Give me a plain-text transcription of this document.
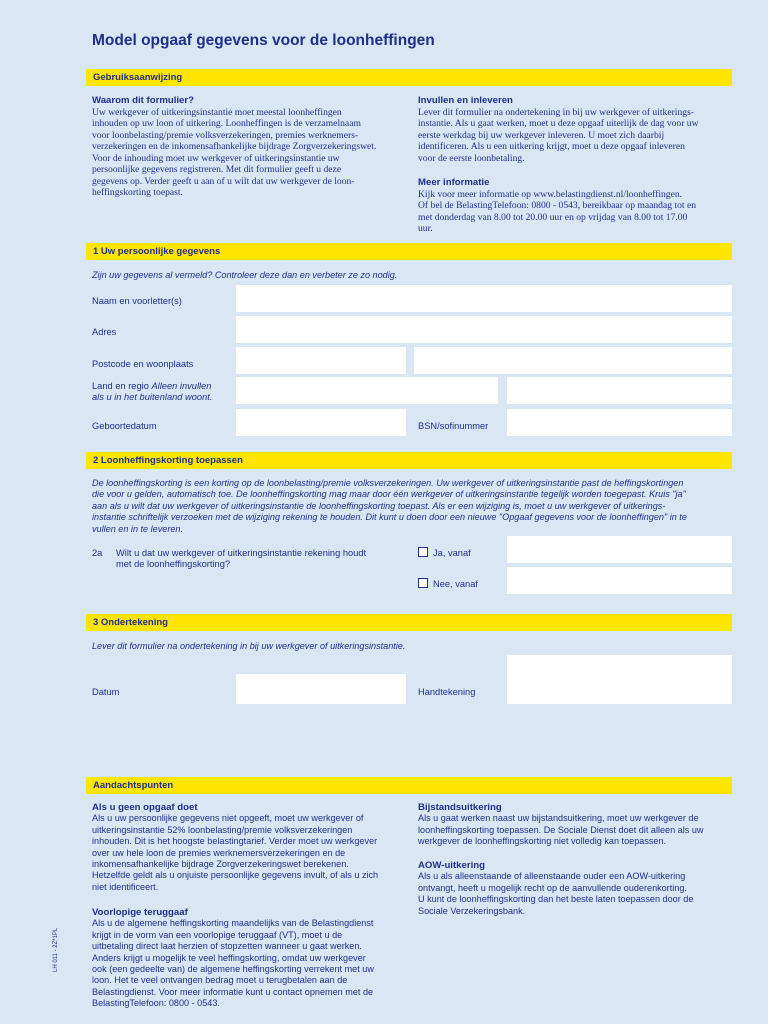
Model opgaaf gegevens voor de loonheffingen
Gebruiksaanwijzing
Waarom dit formulier?
Uw werkgever of uitkeringsinstantie moet meestal loonheffingen
inhouden op uw loon of uitkering. Loonheffingen is de verzamelnaam
voor loonbelasting/premie volksverzekeringen, premies werknemers-
verzekeringen en de inkomensafhankelijke bijdrage Zorgverzekeringswet.
Voor de inhouding moet uw werkgever of uitkeringsinstantie uw
persoonlijke gegevens registreren. Met dit formulier geeft u deze
gegevens op. Verder geeft u aan of u wilt dat uw werkgever de loon-
heffingskorting toepast.
Invullen en inleveren
Lever dit formulier na ondertekening in bij uw werkgever of uitkerings-
instantie. Als u gaat werken, moet u deze opgaaf uiterlijk de dag voor uw
eerste werkdag bij uw werkgever inleveren. U moet zich daarbij
identificeren. Als u een uitkering krijgt, moet u deze opgaaf inleveren
voor de eerste loonbetaling.
Meer informatie
Kijk voor meer informatie op www.belastingdienst.nl/loonheffingen.
Of bel de BelastingTelefoon: 0800 - 0543, bereikbaar op maandag tot en
met donderdag van 8.00 tot 20.00 uur en op vrijdag van 8.00 tot 17.00
uur.
1 Uw persoonlijke gegevens
Zijn uw gegevens al vermeld? Controleer deze dan en verbeter ze zo nodig.
Naam en voorletter(s)
Adres
Postcode en woonplaats
Land en regio Alleen invullen
als u in het buitenland woont.
Geboortedatum	BSN/sofinummer
2 Loonheffingskorting toepassen
De loonheffingskorting is een korting op de loonbelasting/premie volksverzekeringen. Uw werkgever of uitkeringsinstantie past de heffingskortingen
die voor u gelden, automatisch toe. De loonheffingskorting mag maar door één werkgever of uitkeringsinstantie tegelijk worden toegepast. Kruis "ja"
aan als u wilt dat uw werkgever of uitkeringsinstantie de loonheffingskorting toepast. Als er een wijziging is, moet u uw werkgever of uitkerings-
instantie schriftelijk verzoeken met de wijziging rekening te houden. Dit kunt u doen door een nieuwe "Opgaaf gegevens voor de loonheffingen" in te
vullen en in te leveren.
2a Wilt u dat uw werkgever of uitkeringsinstantie rekening houdt
met de loonheffingskorting?
Ja, vanaf
Nee, vanaf
3 Ondertekening
Lever dit formulier na ondertekening in bij uw werkgever of uitkeringsinstantie.
Datum	Handtekening
Aandachtspunten
Als u geen opgaaf doet
Als u uw persoonlijke gegevens niet opgeeft, moet uw werkgever of
uitkeringsinstantie 52% loonbelasting/premie volksverzekeringen
inhouden. Dit is het hoogste belastingtarief. Verder moet uw werkgever
over uw hele loon de premies werknemersverzekeringen en de
inkomensafhankelijke bijdrage Zorgverzekeringswet berekenen.
Hetzelfde geldt als u onjuiste persoonlijke gegevens invult, of als u zich
niet identificeert.
Voorlopige teruggaaf
Als u de algemene heffingskorting maandelijks van de Belastingdienst
krijgt in de vorm van een voorlopige teruggaaf (VT), moet u de
uitbetaling direct laat herzien of stopzetten wanneer u gaat werken.
Anders krijgt u mogelijk te veel heffingskorting, omdat uw werkgever
ook (een gedeelte van) de algemene heffingskorting verrekent met uw
loon. Het te veel ontvangen bedrag moet u terugbetalen aan de
Belastingdienst. Voor meer informatie kunt u contact opnemen met de
BelastingTelefoon: 0800 - 0543.
Bijstandsuitkering
Als u gaat werken naast uw bijstandsuitkering, moet uw werkgever de
loonheffingskorting toepassen. De Sociale Dienst doet dit alleen als uw
werkgever de loonheffingskorting niet volledig kan toepassen.
AOW-uitkering
Als u als alleenstaande of alleenstaande ouder een AOW-uitkering
ontvangt, heeft u mogelijk recht op de aanvullende ouderenkorting.
U kunt de loonheffingskorting dan het beste laten toepassen door de
Sociale Verzekeringsbank.
LH 011 - 2Z*1PL
